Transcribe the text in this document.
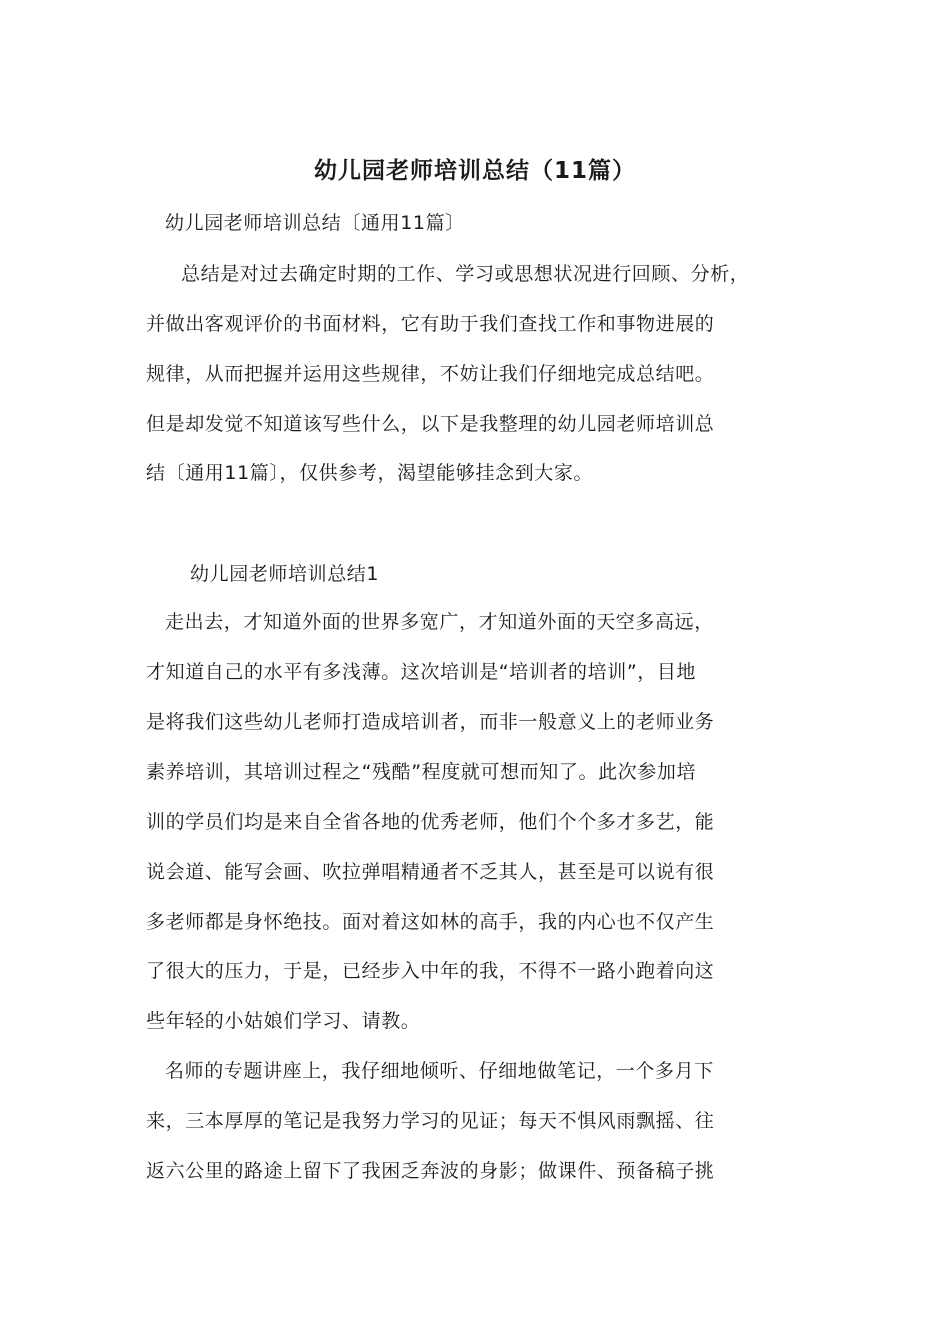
幼儿园老师培训总结（11篇）
幼儿园老师培训总结〔通用11篇〕
总结是对过去确定时期的工作、学习或思想状况进行回顾、分析，
并做出客观评价的书面材料，它有助于我们查找工作和事物进展的
规律，从而把握并运用这些规律，不妨让我们仔细地完成总结吧。
但是却发觉不知道该写些什么，以下是我整理的幼儿园老师培训总
结〔通用11篇〕，仅供参考，渴望能够挂念到大家。
幼儿园老师培训总结1
走出去，才知道外面的世界多宽广，才知道外面的天空多高远，
才知道自己的水平有多浅薄。这次培训是“培训者的培训”，目地
是将我们这些幼儿老师打造成培训者，而非一般意义上的老师业务
素养培训，其培训过程之“残酷”程度就可想而知了。此次参加培
训的学员们均是来自全省各地的优秀老师，他们个个多才多艺，能
说会道、能写会画、吹拉弹唱精通者不乏其人，甚至是可以说有很
多老师都是身怀绝技。面对着这如林的高手，我的内心也不仅产生
了很大的压力，于是，已经步入中年的我，不得不一路小跑着向这
些年轻的小姑娘们学习、请教。
名师的专题讲座上，我仔细地倾听、仔细地做笔记，一个多月下
来，三本厚厚的笔记是我努力学习的见证；每天不惧风雨飘摇、往
返六公里的路途上留下了我困乏奔波的身影；做课件、预备稿子挑
